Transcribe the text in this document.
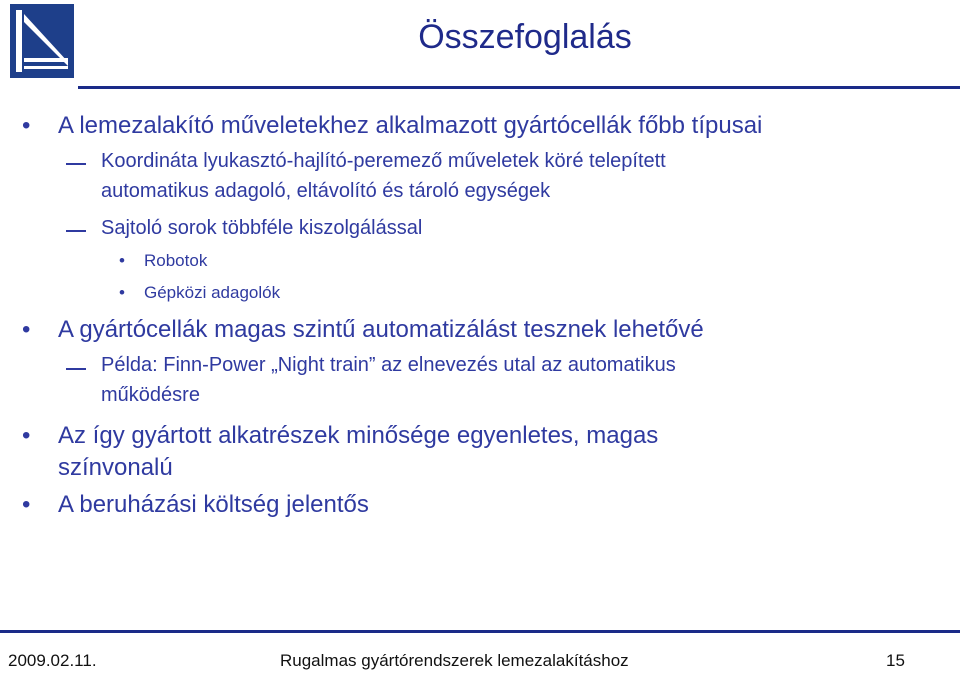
Összefoglalás
• A lemezalakító műveletekhez alkalmazott gyártócellák főbb típusai
Koordináta lyukasztó-hajlító-peremező műveletek köré telepített
automatikus adagoló, eltávolító és tároló egységek
Sajtoló sorok többféle kiszolgálással
• Robotok
• Gépközi adagolók
• A gyártócellák magas szintű automatizálást tesznek lehetővé
Példa: Finn-Power „Night train” az elnevezés utal az automatikus
működésre
• Az így gyártott alkatrészek minősége egyenletes, magas
színvonalú
• A beruházási költség jelentős
2009.02.11.	Rugalmas gyártórendszerek lemezalakításhoz	15
